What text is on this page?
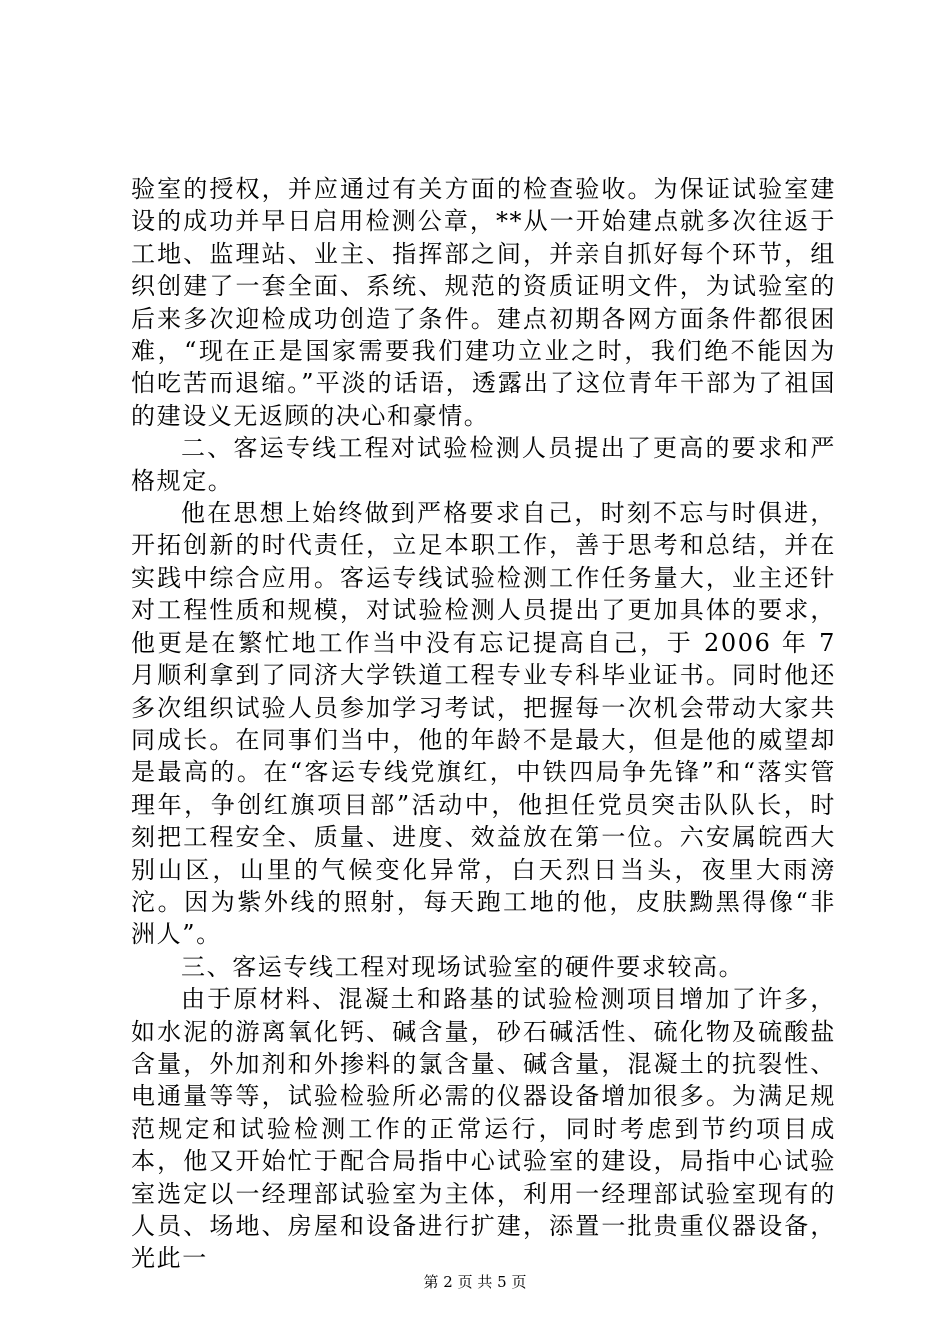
验室的授权，并应通过有关方面的检查验收。为保证试验室建设的成功并早日启用检测公章，**从一开始建点就多次往返于工地、监理站、业主、指挥部之间，并亲自抓好每个环节，组织创建了一套全面、系统、规范的资质证明文件，为试验室的后来多次迎检成功创造了条件。建点初期各网方面条件都很困难，“现在正是国家需要我们建功立业之时，我们绝不能因为怕吃苦而退缩。”平淡的话语，透露出了这位青年干部为了祖国的建设义无返顾的决心和豪情。

二、客运专线工程对试验检测人员提出了更高的要求和严格规定。

他在思想上始终做到严格要求自己，时刻不忘与时俱进，开拓创新的时代责任，立足本职工作，善于思考和总结，并在实践中综合应用。客运专线试验检测工作任务量大，业主还针对工程性质和规模，对试验检测人员提出了更加具体的要求，他更是在繁忙地工作当中没有忘记提高自己，于 2006 年 7 月顺利拿到了同济大学铁道工程专业专科毕业证书。同时他还多次组织试验人员参加学习考试，把握每一次机会带动大家共同成长。在同事们当中，他的年龄不是最大，但是他的威望却是最高的。在“客运专线党旗红，中铁四局争先锋”和“落实管理年，争创红旗项目部”活动中，他担任党员突击队队长，时刻把工程安全、质量、进度、效益放在第一位。六安属皖西大别山区，山里的气候变化异常，白天烈日当头，夜里大雨滂沱。因为紫外线的照射，每天跑工地的他，皮肤黝黑得像“非洲人”。

三、客运专线工程对现场试验室的硬件要求较高。

由于原材料、混凝土和路基的试验检测项目增加了许多，如水泥的游离氧化钙、碱含量，砂石碱活性、硫化物及硫酸盐含量，外加剂和外掺料的氯含量、碱含量，混凝土的抗裂性、电通量等等，试验检验所必需的仪器设备增加很多。为满足规范规定和试验检测工作的正常运行，同时考虑到节约项目成本，他又开始忙于配合局指中心试验室的建设，局指中心试验室选定以一经理部试验室为主体，利用一经理部试验室现有的人员、场地、房屋和设备进行扩建，添置一批贵重仪器设备，光此一

第 2 页 共 5 页
